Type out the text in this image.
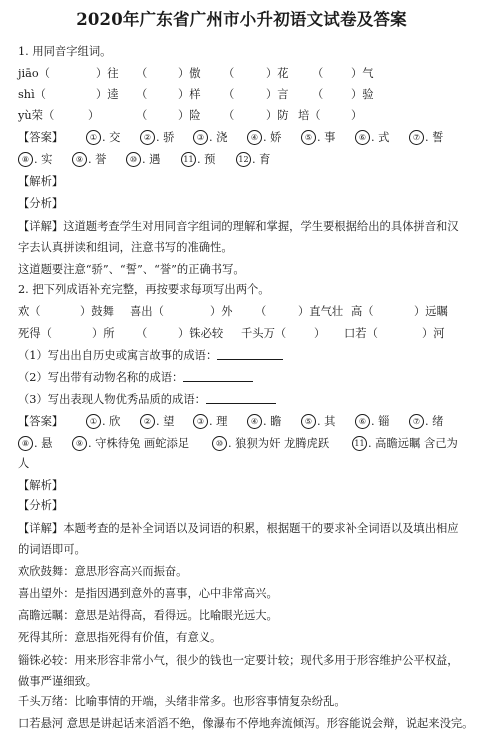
2020年广东省广州市小升初语文试卷及答案
1. 用同音字组词。
jiāo（	）往 （	）傲 （	）花 （ ）气
shì（	）逵 （	）样 （	）言 （ ）验
yù荣（	）	（	）险 （	）防 培（	）
【答案】	① . 交	② . 骄	③ . 浇	④ . 娇	⑤ . 事	⑥ . 式	⑦ . 誓
⑧ . 实	⑨ . 誉	⑩ . 遇	11 . 预	12 . 育
【解析】
【分析】
【详解】这道题考查学生对用同音字组词的理解和掌握，学生要根据给出的具体拼音和汉字去认真拼读和组词，注意书写的准确性。
这道题要注意“骄”、“誓”、“誉”的正确书写。
2. 把下列成语补充完整，再按要求每项写出两个。
欢（	）鼓舞 喜出（	）外 （	）直气壮 高（	）远瞩
死得（	）所 （	）铢必较 千头万（ ） 口若（	）河
（1）写出出自历史或寓言故事的成语：
（2）写出带有动物名称的成语：
（3）写出表现人物优秀品质的成语：
【答案】	① . 欣	② . 望	③ . 理	④ . 瞻	⑤ . 其	⑥ . 锱	⑦ . 绪
⑧ . 悬	⑨ . 守株待兔 画蛇添足	⑩ . 狼狈为奸 龙腾虎跃	11 . 高瞻远瞩 含己为
人
【解析】
【分析】
【详解】本题考查的是补全词语以及词语的积累，根据题干的要求补全词语以及填出相应的词语即可。
欢欣鼓舞：意思形容高兴而振奋。
喜出望外：是指因遇到意外的喜事，心中非常高兴。
高瞻远瞩：意思是站得高，看得远。比喻眼光远大。
死得其所：意思指死得有价值，有意义。
锱铢必较：用来形容非常小气，很少的钱也一定要计较；现代多用于形容维护公平权益，做事严谨细致。
千头万绪：比喻事情的开端，头绪非常多。也形容事情复杂纷乱。
口若悬河 意思是讲起话来滔滔不绝，像瀑布不停地奔流倾泻。形容能说会辩，说起来没完。
